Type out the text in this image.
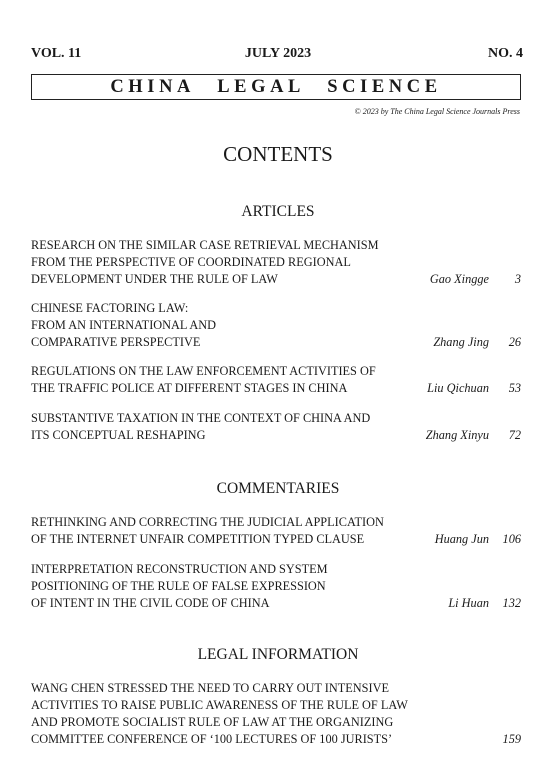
VOL. 11	JULY 2023	NO. 4
CHINA LEGAL SCIENCE
© 2023 by The China Legal Science Journals Press
CONTENTS
ARTICLES
RESEARCH ON THE SIMILAR CASE RETRIEVAL MECHANISM
FROM THE PERSPECTIVE OF COORDINATED REGIONAL
DEVELOPMENT UNDER THE RULE OF LAW	Gao Xingge 3
CHINESE FACTORING LAW:
FROM AN INTERNATIONAL AND
COMPARATIVE PERSPECTIVE	Zhang Jing 26
REGULATIONS ON THE LAW ENFORCEMENT ACTIVITIES OF
THE TRAFFIC POLICE AT DIFFERENT STAGES IN CHINA	Liu Qichuan 53
SUBSTANTIVE TAXATION IN THE CONTEXT OF CHINA AND
ITS CONCEPTUAL RESHAPING	Zhang Xinyu 72
COMMENTARIES
RETHINKING AND CORRECTING THE JUDICIAL APPLICATION
OF THE INTERNET UNFAIR COMPETITION TYPED CLAUSE	Huang Jun 106
INTERPRETATION RECONSTRUCTION AND SYSTEM
POSITIONING OF THE RULE OF FALSE EXPRESSION
OF INTENT IN THE CIVIL CODE OF CHINA	Li Huan 132
LEGAL INFORMATION
WANG CHEN STRESSED THE NEED TO CARRY OUT INTENSIVE
ACTIVITIES TO RAISE PUBLIC AWARENESS OF THE RULE OF LAW
AND PROMOTE SOCIALIST RULE OF LAW AT THE ORGANIZING
COMMITTEE CONFERENCE OF ‘100 LECTURES OF 100 JURISTS’	159
